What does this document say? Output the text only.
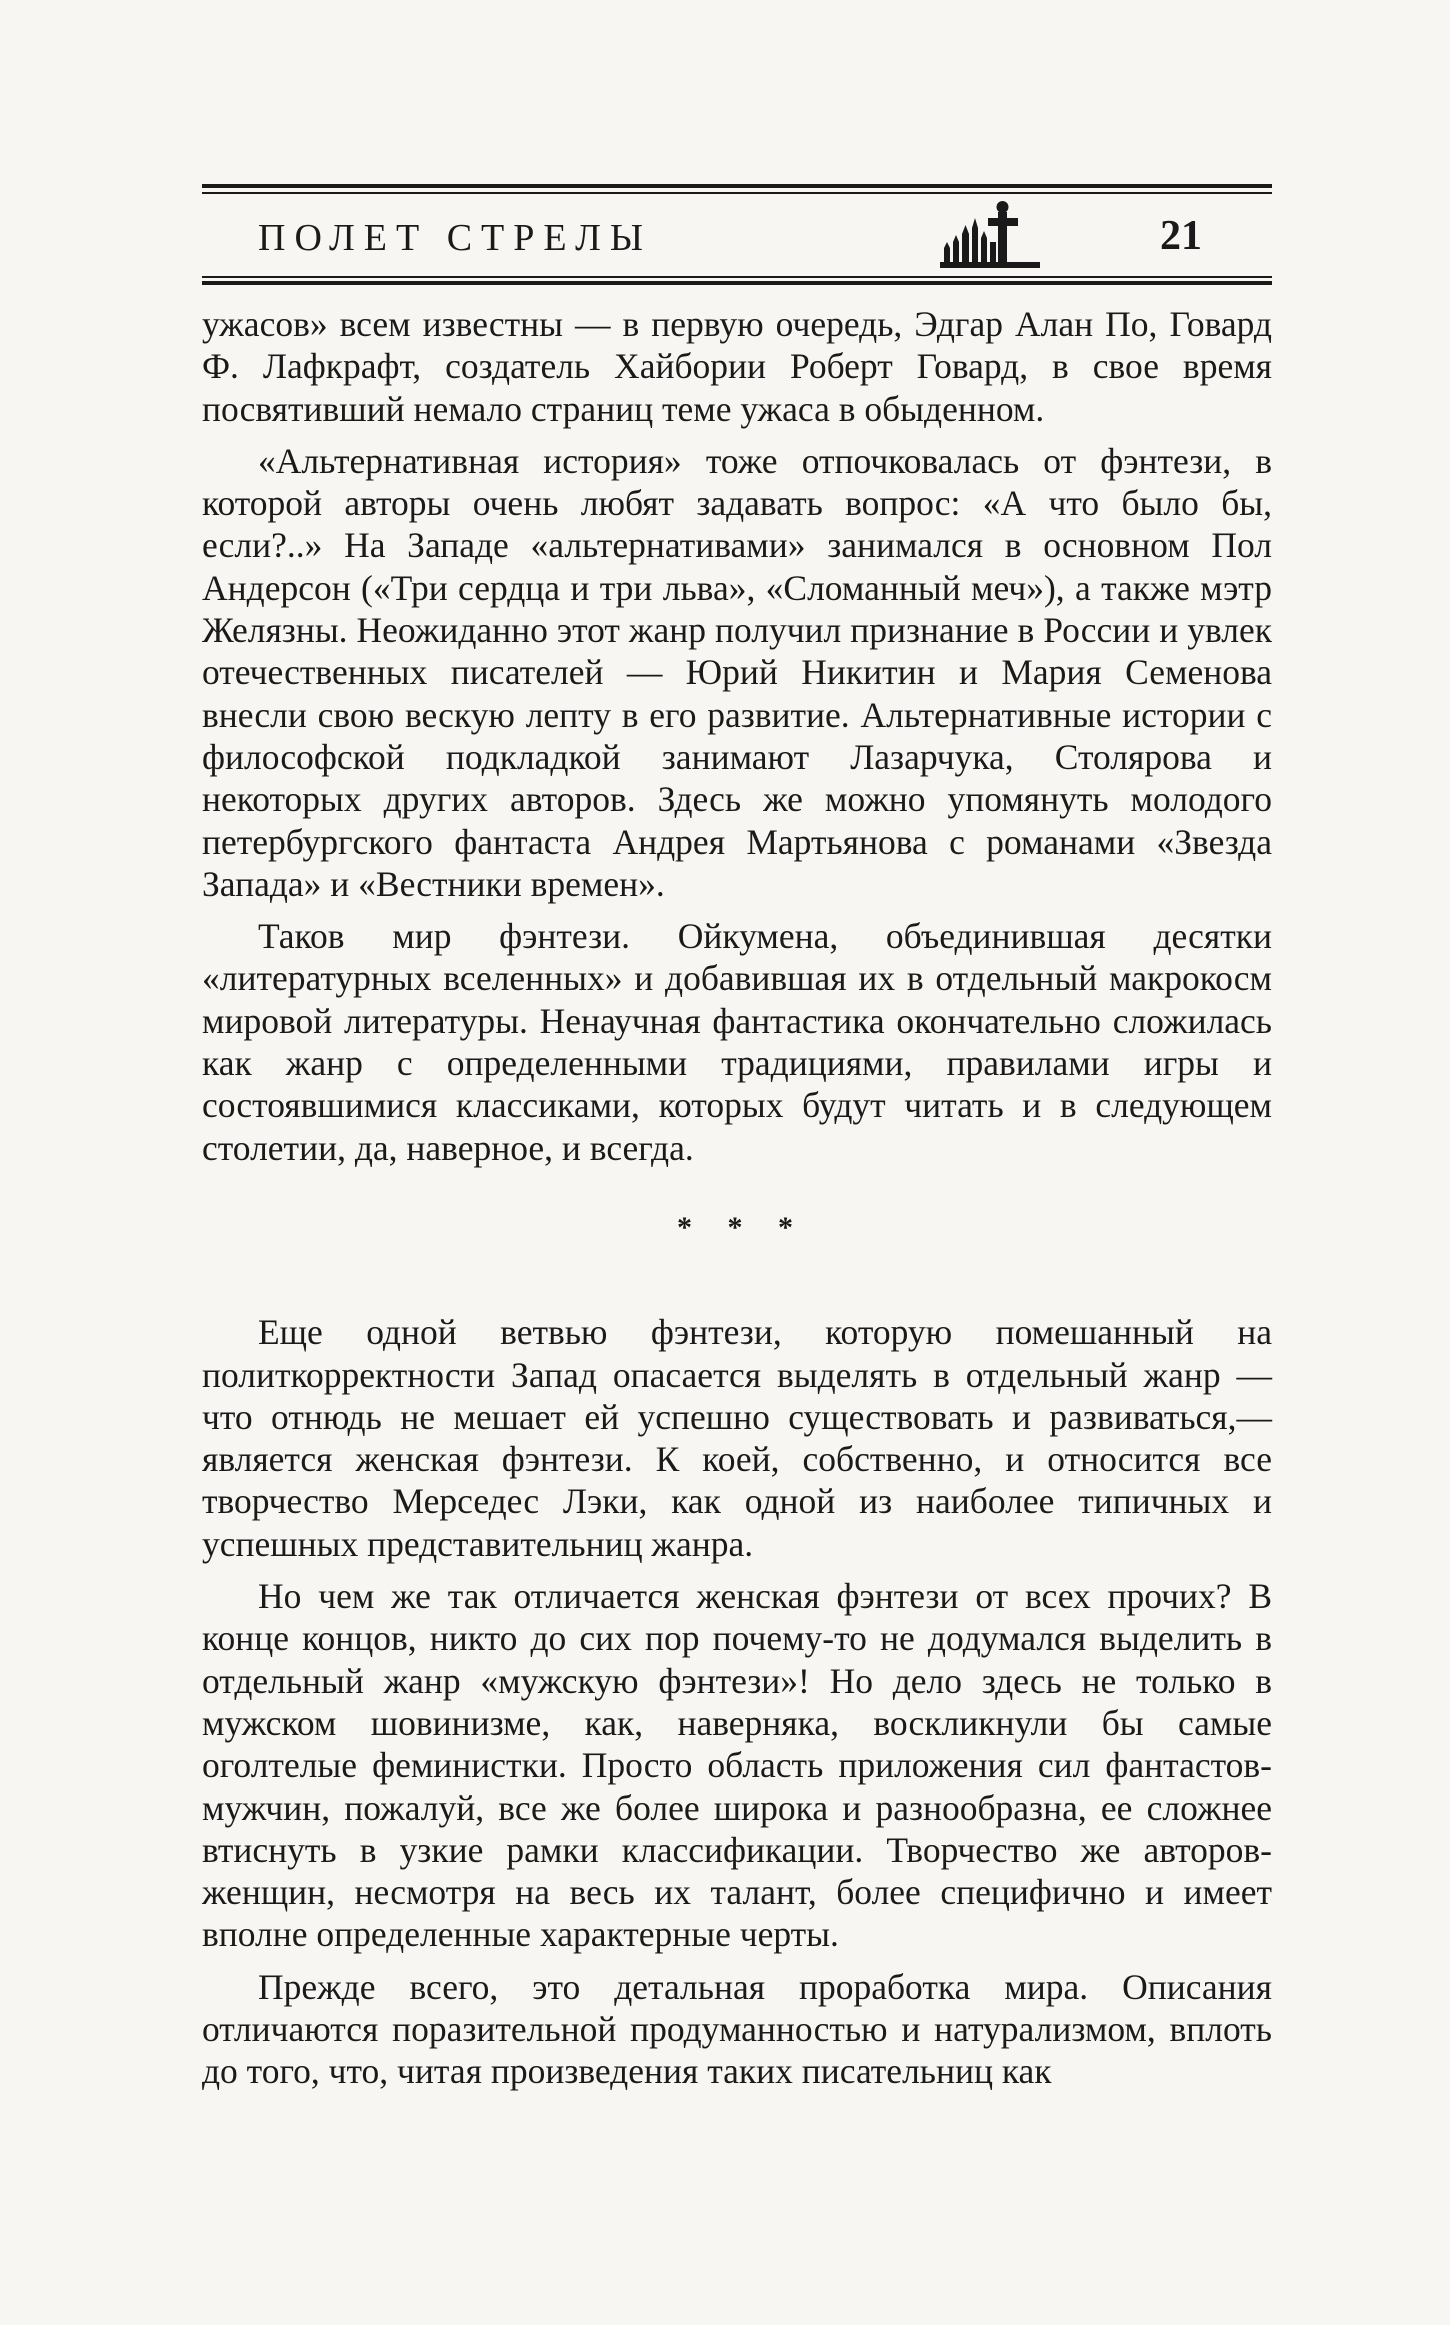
ПОЛЕТ СТРЕЛЫ	21

ужасов» всем известны — в первую очередь, Эдгар Алан По, Говард Ф. Лафкрафт, создатель Хайбории Роберт Говард, в свое время посвятивший немало страниц теме ужаса в обыденном.

«Альтернативная история» тоже отпочковалась от фэнтези, в которой авторы очень любят задавать вопрос: «А что было бы, если?..» На Западе «альтернативами» занимался в основном Пол Андерсон («Три сердца и три льва», «Сломанный меч»), а также мэтр Желязны. Неожиданно этот жанр получил признание в России и увлек отечественных писателей — Юрий Никитин и Мария Семенова внесли свою вескую лепту в его развитие. Альтернативные истории с философской подкладкой занимают Лазарчука, Столярова и некоторых других авторов. Здесь же можно упомянуть молодого петербургского фантаста Андрея Мартьянова с романами «Звезда Запада» и «Вестники времен».

Таков мир фэнтези. Ойкумена, объединившая десятки «литературных вселенных» и добавившая их в отдельный макрокосм мировой литературы. Ненаучная фантастика окончательно сложилась как жанр с определенными традициями, правилами игры и состоявшимися классиками, которых будут читать и в следующем столетии, да, наверное, и всегда.

* * *

Еще одной ветвью фэнтези, которую помешанный на политкорректности Запад опасается выделять в отдельный жанр — что отнюдь не мешает ей успешно существовать и развиваться,— является женская фэнтези. К коей, собственно, и относится все творчество Мерседес Лэки, как одной из наиболее типичных и успешных представительниц жанра.

Но чем же так отличается женская фэнтези от всех прочих? В конце концов, никто до сих пор почему-то не додумался выделить в отдельный жанр «мужскую фэнтези»! Но дело здесь не только в мужском шовинизме, как, наверняка, воскликнули бы самые оголтелые феминистки. Просто область приложения сил фантастов-мужчин, пожалуй, все же более широка и разнообразна, ее сложнее втиснуть в узкие рамки классификации. Творчество же авторов-женщин, несмотря на весь их талант, более специфично и имеет вполне определенные характерные черты.

Прежде всего, это детальная проработка мира. Описания отличаются поразительной продуманностью и натурализмом, вплоть до того, что, читая произведения таких писательниц как
